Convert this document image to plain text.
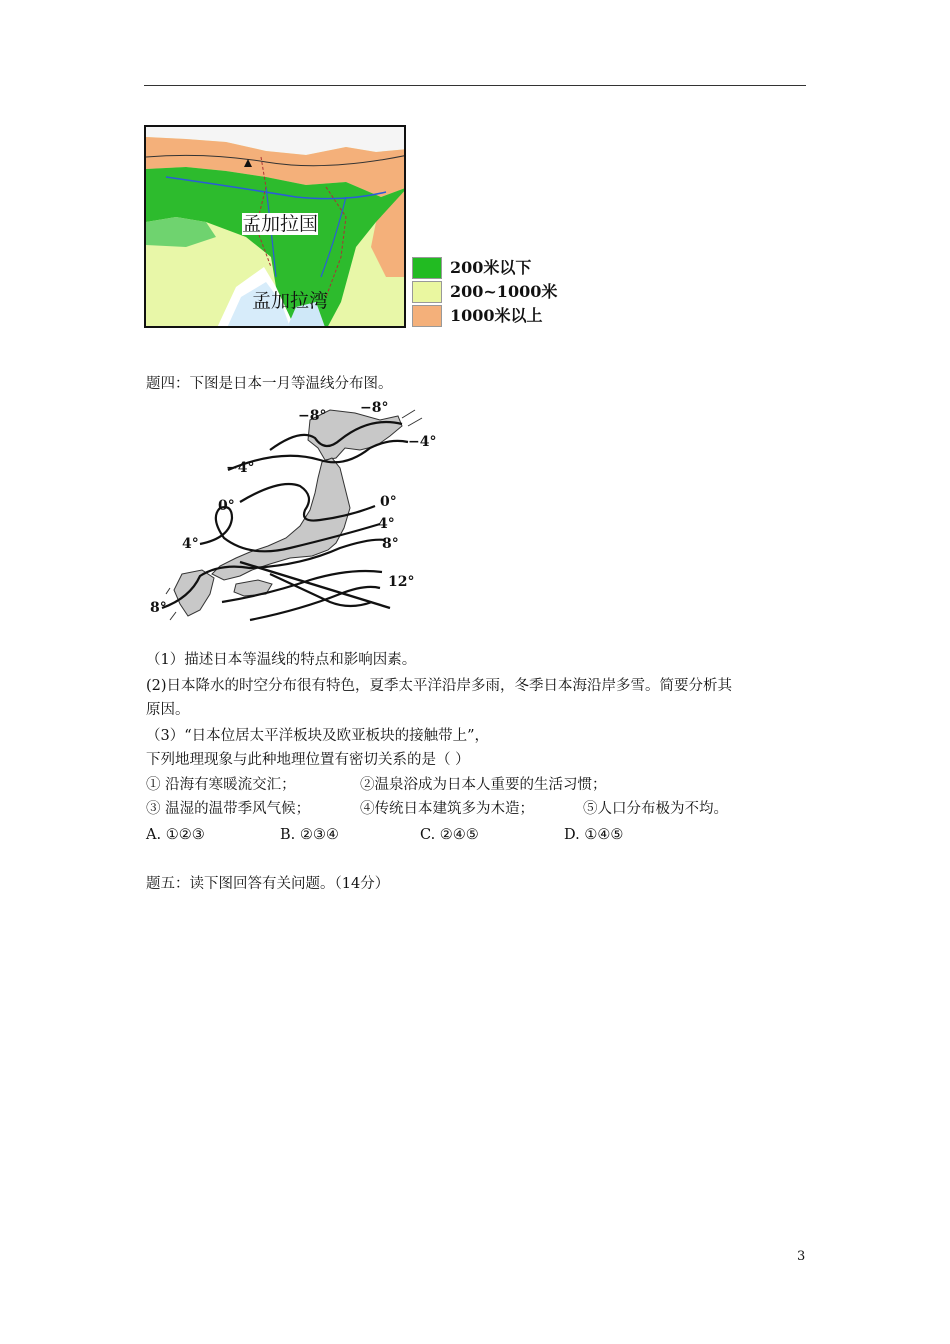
孟加拉国
孟加拉湾
200米以下
200~1000米
1000米以上
题四：下图是日本一月等温线分布图。
−8° −8°
−4°
−4°
0°	0°
4°
4°	8°
8°
12°
（1）描述日本等温线的特点和影响因素。
(2)日本降水的时空分布很有特色，夏季太平洋沿岸多雨，冬季日本海沿岸多雪。简要分析其
原因。
（3）“日本位居太平洋板块及欧亚板块的接触带上”，
下列地理现象与此种地理位置有密切关系的是（ ）
① 沿海有寒暖流交汇；	②温泉浴成为日本人重要的生活习惯；
③ 温湿的温带季风气候；	④传统日本建筑多为木造；	⑤人口分布极为不均。
A. ①②③	B. ②③④	C. ②④⑤	D. ①④⑤
题五：读下图回答有关问题。（14分）
3
